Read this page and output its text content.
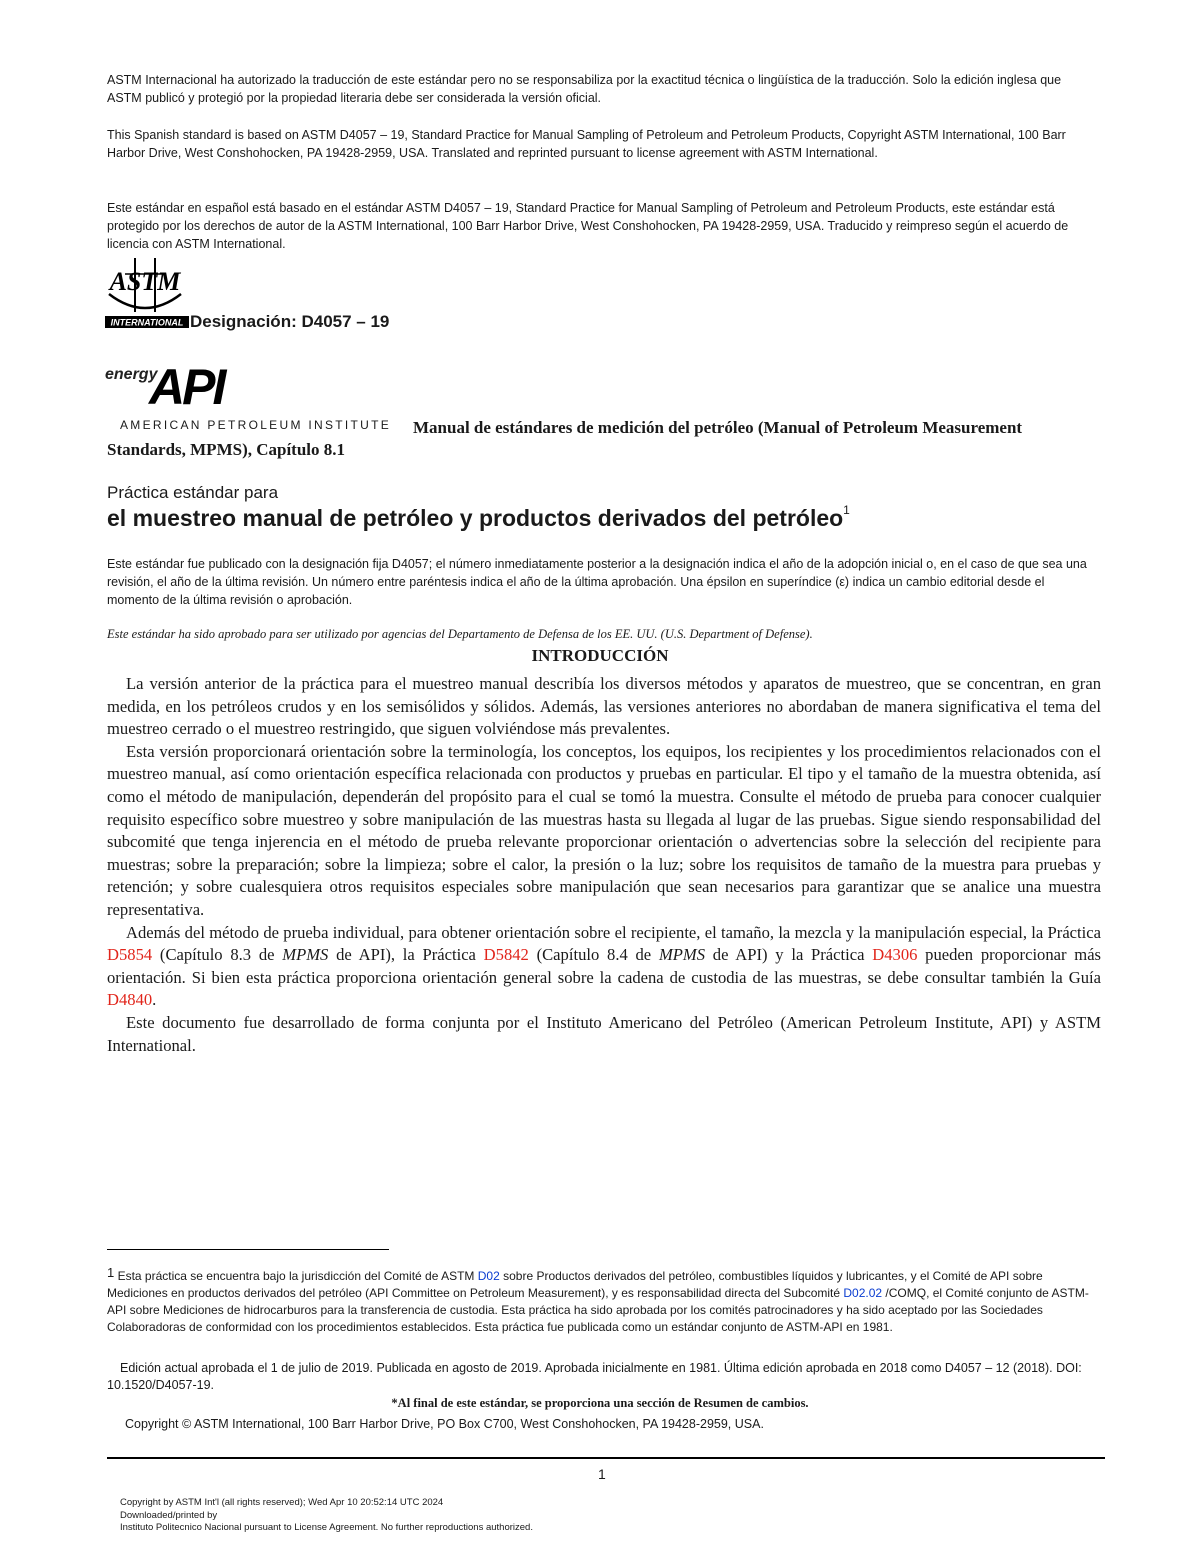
ASTM Internacional ha autorizado la traducción de este estándar pero no se responsabiliza por la exactitud técnica o lingüística de la traducción. Solo la edición inglesa que ASTM publicó y protegió por la propiedad literaria debe ser considerada la versión oficial.
This Spanish standard is based on ASTM D4057 – 19, Standard Practice for Manual Sampling of Petroleum and Petroleum Products, Copyright ASTM International, 100 Barr Harbor Drive, West Conshohocken, PA 19428-2959, USA. Translated and reprinted pursuant to license agreement with ASTM International.
Este estándar en español está basado en el estándar ASTM D4057 – 19, Standard Practice for Manual Sampling of Petroleum and Petroleum Products, este estándar está protegido por los derechos de autor de la ASTM International, 100 Barr Harbor Drive, West Conshohocken, PA 19428-2959, USA. Traducido y reimpreso según el acuerdo de licencia con ASTM International.
ASTM
INTERNATIONAL Designación: D4057 – 19
energy
API
AMERICAN PETROLEUM INSTITUTE	Manual de estándares de medición del petróleo (Manual of Petroleum Measurement Standards, MPMS), Capítulo 8.1
Práctica estándar para
el muestreo manual de petróleo y productos derivados del petróleo$^1$
Este estándar fue publicado con la designación fija D4057; el número inmediatamente posterior a la designación indica el año de la adopción inicial o, en el caso de que sea una revisión, el año de la última revisión. Un número entre paréntesis indica el año de la última aprobación. Una épsilon en superíndice (ε) indica un cambio editorial desde el momento de la última revisión o aprobación.
Este estándar ha sido aprobado para ser utilizado por agencias del Departamento de Defensa de los EE. UU. (U.S. Department of Defense).
INTRODUCCIÓN

La versión anterior de la práctica para el muestreo manual describía los diversos métodos y aparatos de muestreo, que se concentran, en gran medida, en los petróleos crudos y en los semisólidos y sólidos. Además, las versiones anteriores no abordaban de manera significativa el tema del muestreo cerrado o el muestreo restringido, que siguen volviéndose más prevalentes.

Esta versión proporcionará orientación sobre la terminología, los conceptos, los equipos, los recipientes y los procedimientos relacionados con el muestreo manual, así como orientación específica relacionada con productos y pruebas en particular. El tipo y el tamaño de la muestra obtenida, así como el método de manipulación, dependerán del propósito para el cual se tomó la muestra. Consulte el método de prueba para conocer cualquier requisito específico sobre muestreo y sobre manipulación de las muestras hasta su llegada al lugar de las pruebas. Sigue siendo responsabilidad del subcomité que tenga injerencia en el método de prueba relevante proporcionar orientación o advertencias sobre la selección del recipiente para muestras; sobre la preparación; sobre la limpieza; sobre el calor, la presión o la luz; sobre los requisitos de tamaño de la muestra para pruebas y retención; y sobre cualesquiera otros requisitos especiales sobre manipulación que sean necesarios para garantizar que se analice una muestra representativa.

Además del método de prueba individual, para obtener orientación sobre el recipiente, el tamaño, la mezcla y la manipulación especial, la Práctica D5854 (Capítulo 8.3 de MPMS de API), la Práctica D5842 (Capítulo 8.4 de MPMS de API) y la Práctica D4306 pueden proporcionar más orientación. Si bien esta práctica proporciona orientación general sobre la cadena de custodia de las muestras, se debe consultar también la Guía D4840.

Este documento fue desarrollado de forma conjunta por el Instituto Americano del Petróleo (American Petroleum Institute, API) y ASTM International.

$^1$ Esta práctica se encuentra bajo la jurisdicción del Comité de ASTM D02 sobre Productos derivados del petróleo, combustibles líquidos y lubricantes, y el Comité de API sobre Mediciones en productos derivados del petróleo (API Committee on Petroleum Measurement), y es responsabilidad directa del Subcomité D02.02 /COMQ, el Comité conjunto de ASTM-API sobre Mediciones de hidrocarburos para la transferencia de custodia. Esta práctica ha sido aprobada por los comités patrocinadores y ha sido aceptado por las Sociedades Colaboradoras de conformidad con los procedimientos establecidos. Esta práctica fue publicada como un estándar conjunto de ASTM-API en 1981.
Edición actual aprobada el 1 de julio de 2019. Publicada en agosto de 2019. Aprobada inicialmente en 1981. Última edición aprobada en 2018 como D4057 – 12 (2018). DOI: 10.1520/D4057-19.
*Al final de este estándar, se proporciona una sección de Resumen de cambios.
Copyright © ASTM International, 100 Barr Harbor Drive, PO Box C700, West Conshohocken, PA 19428-2959, USA.
1
Copyright by ASTM Int'l (all rights reserved); Wed Apr 10 20:52:14 UTC 2024
Downloaded/printed by
Instituto Politecnico Nacional pursuant to License Agreement. No further reproductions authorized.
